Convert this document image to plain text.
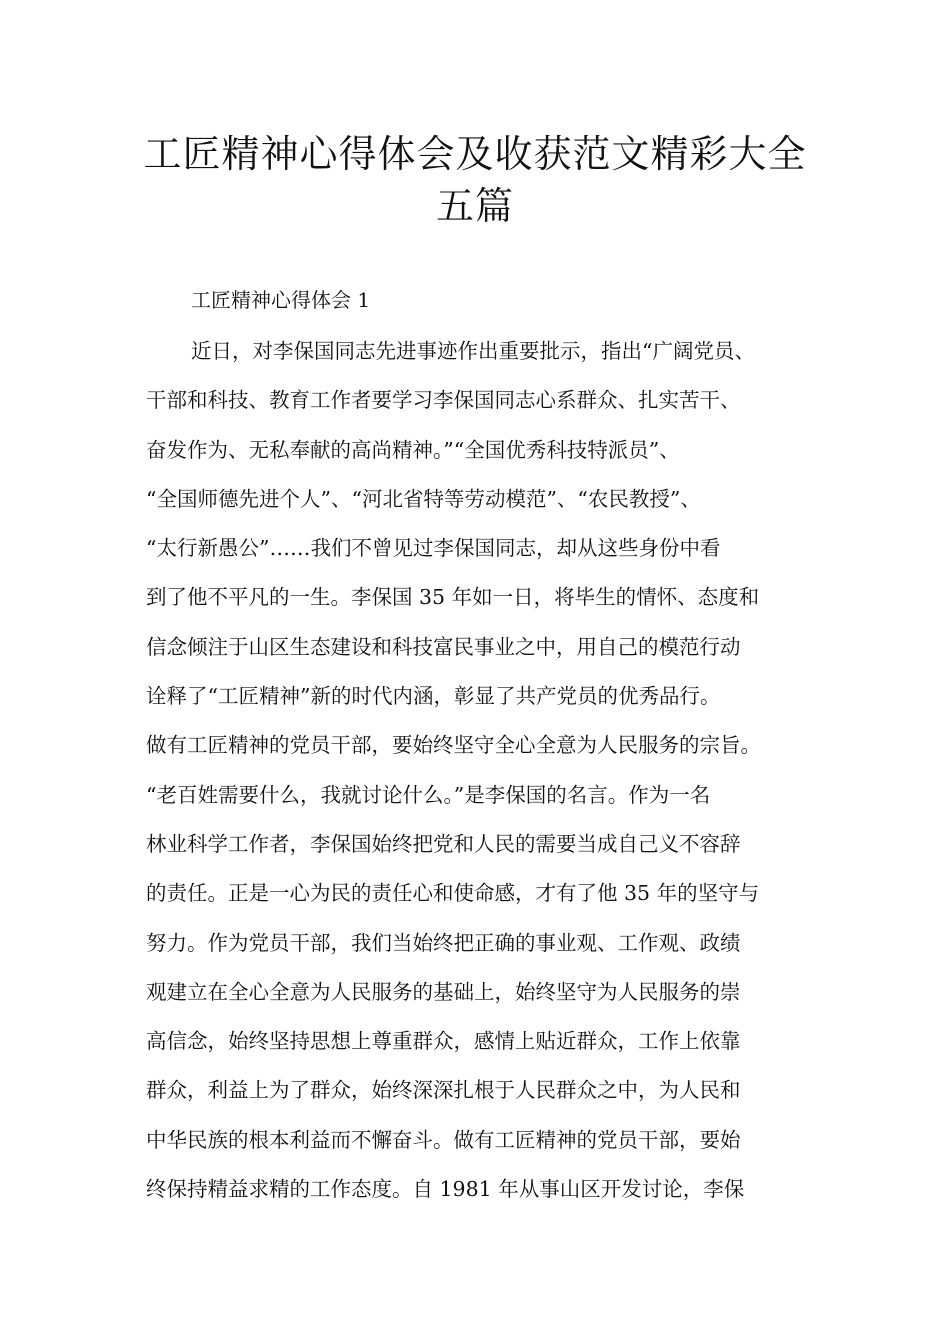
工匠精神心得体会及收获范文精彩大全
五篇

工匠精神心得体会 1

近日，对李保国同志先进事迹作出重要批示，指出“广阔党员、
干部和科技、教育工作者要学习李保国同志心系群众、扎实苦干、
奋发作为、无私奉献的高尚精神。”“全国优秀科技特派员”、
“全国师德先进个人”、“河北省特等劳动模范”、“农民教授”、
“太行新愚公”……我们不曾见过李保国同志，却从这些身份中看
到了他不平凡的一生。李保国 35 年如一日，将毕生的情怀、态度和
信念倾注于山区生态建设和科技富民事业之中，用自己的模范行动
诠释了“工匠精神”新的时代内涵，彰显了共产党员的优秀品行。
做有工匠精神的党员干部，要始终坚守全心全意为人民服务的宗旨。
“老百姓需要什么，我就讨论什么。”是李保国的名言。作为一名
林业科学工作者，李保国始终把党和人民的需要当成自己义不容辞
的责任。正是一心为民的责任心和使命感，才有了他 35 年的坚守与
努力。作为党员干部，我们当始终把正确的事业观、工作观、政绩
观建立在全心全意为人民服务的基础上，始终坚守为人民服务的崇
高信念，始终坚持思想上尊重群众，感情上贴近群众，工作上依靠
群众，利益上为了群众，始终深深扎根于人民群众之中，为人民和
中华民族的根本利益而不懈奋斗。做有工匠精神的党员干部，要始
终保持精益求精的工作态度。自 1981 年从事山区开发讨论，李保
